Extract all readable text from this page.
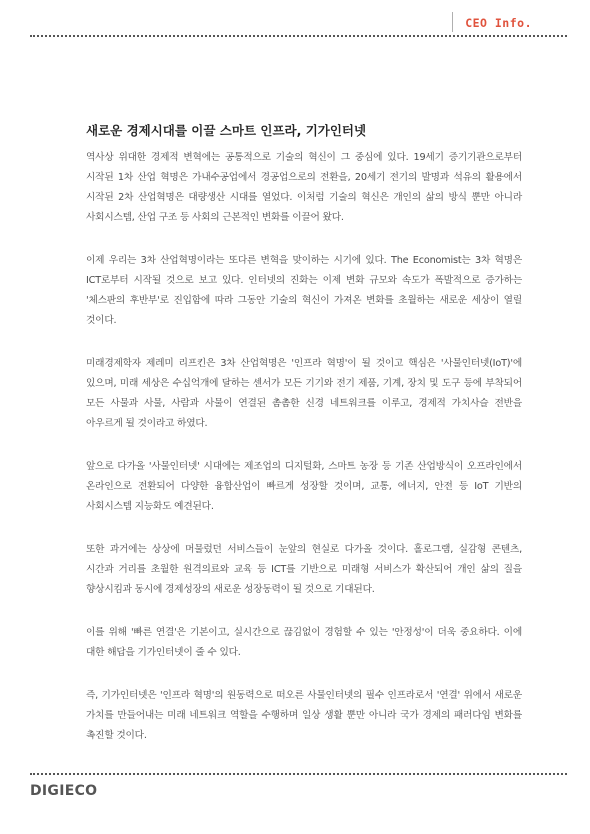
CEO Info.
새로운 경제시대를 이끌 스마트 인프라, 기가인터넷

역사상 위대한 경제적 변혁에는 공통적으로 기술의 혁신이 그 중심에 있다. 19세기 증기기관으로부터 시작된 1차 산업 혁명은 가내수공업에서 경공업으로의 전환을, 20세기 전기의 발명과 석유의 활용에서 시작된 2차 산업혁명은 대량생산 시대를 열었다. 이처럼 기술의 혁신은 개인의 삶의 방식 뿐만 아니라 사회시스템, 산업 구조 등 사회의 근본적인 변화를 이끌어 왔다.

이제 우리는 3차 산업혁명이라는 또다른 변혁을 맞이하는 시기에 있다. The Economist는 3차 혁명은 ICT로부터 시작될 것으로 보고 있다. 인터넷의 진화는 이제 변화 규모와 속도가 폭발적으로 증가하는 '체스판의 후반부'로 진입함에 따라 그동안 기술의 혁신이 가져온 변화를 초월하는 새로운 세상이 열릴 것이다.

미래경제학자 제레미 리프킨은 3차 산업혁명은 '인프라 혁명'이 될 것이고 핵심은 '사물인터넷(IoT)'에 있으며, 미래 세상은 수십억개에 달하는 센서가 모든 기기와 전기 제품, 기계, 장치 및 도구 등에 부착되어 모든 사물과 사물, 사람과 사물이 연결된 촘촘한 신경 네트워크를 이루고, 경제적 가치사슬 전반을 아우르게 될 것이라고 하였다.

앞으로 다가올 '사물인터넷' 시대에는 제조업의 디지털화, 스마트 농장 등 기존 산업방식이 오프라인에서 온라인으로 전환되어 다양한 융합산업이 빠르게 성장할 것이며, 교통, 에너지, 안전 등 IoT 기반의 사회시스템 지능화도 예견된다.

또한 과거에는 상상에 머물렀던 서비스들이 눈앞의 현실로 다가올 것이다. 홀로그램, 실감형 콘텐츠, 시간과 거리를 초월한 원격의료와 교육 등 ICT를 기반으로 미래형 서비스가 확산되어 개인 삶의 질을 향상시킴과 동시에 경제성장의 새로운 성장동력이 될 것으로 기대된다.

이를 위해 '빠른 연결'은 기본이고, 실시간으로 끊김없이 경험할 수 있는 '안정성'이 더욱 중요하다. 이에 대한 해답을 기가인터넷이 줄 수 있다.

즉, 기가인터넷은 '인프라 혁명'의 원동력으로 떠오른 사물인터넷의 필수 인프라로서 '연결' 위에서 새로운 가치를 만들어내는 미래 네트워크 역할을 수행하며 일상 생활 뿐만 아니라 국가 경제의 패러다임 변화를 촉진할 것이다.

DIGIECO
